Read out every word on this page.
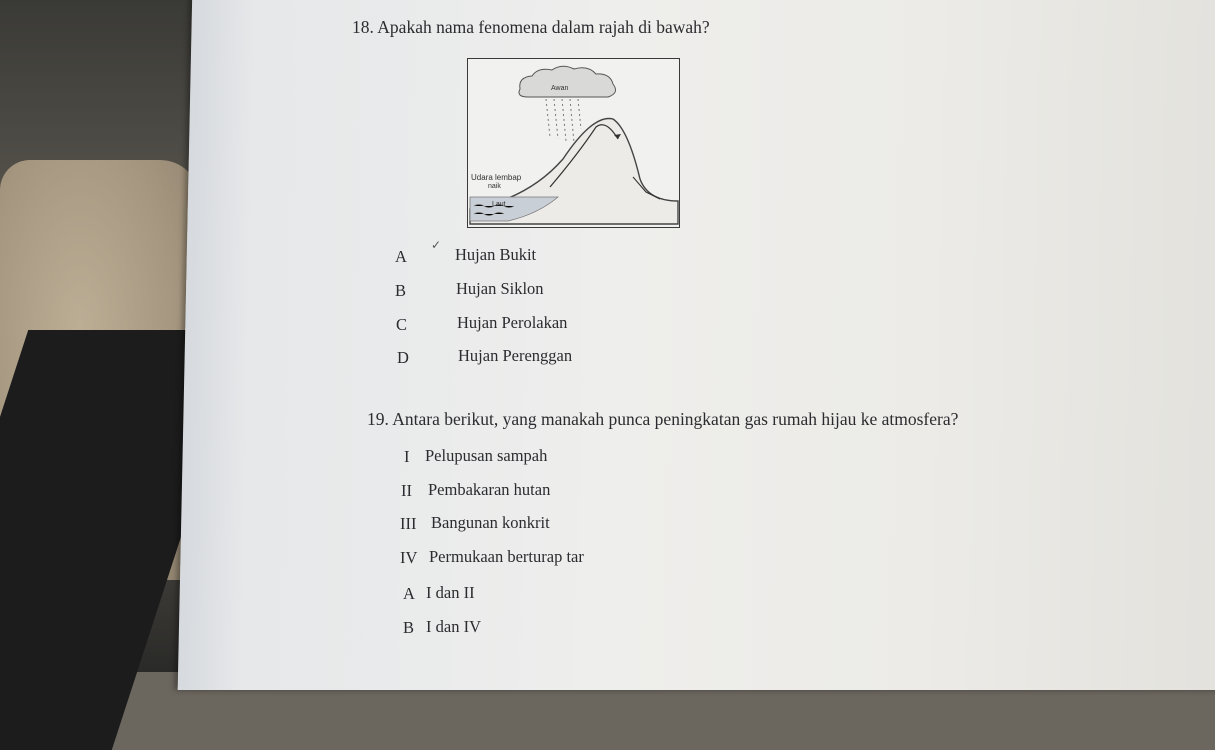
18. Apakah nama fenomena dalam rajah di bawah?
Awan
Udara lembap
naik
Laut
✓
A	Hujan Bukit
B	Hujan Siklon
C	Hujan Perolakan
D	Hujan Perenggan
19. Antara berikut, yang manakah punca peningkatan gas rumah hijau ke atmosfera?
I Pelupusan sampah
II Pembakaran hutan
III Bangunan konkrit
IV Permukaan berturap tar
A I dan II
B I dan IV
